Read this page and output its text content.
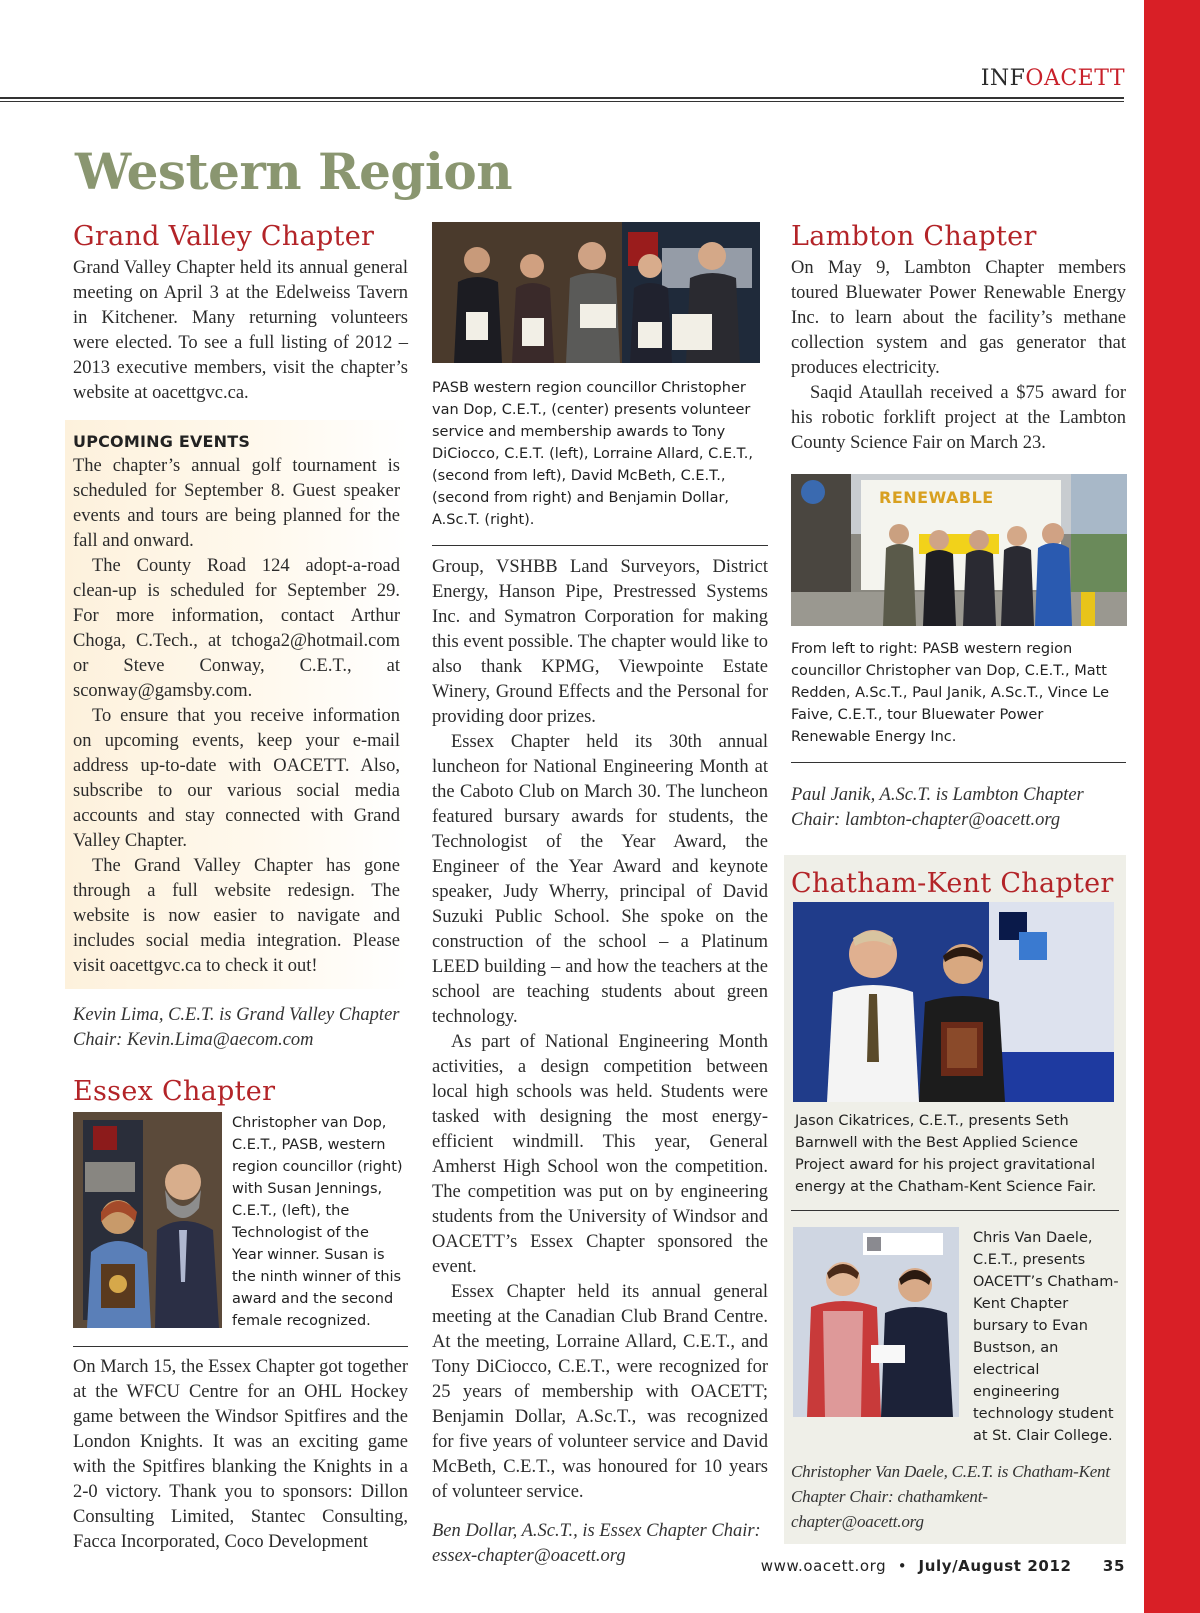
INFOACETT
Western Region
Grand Valley Chapter

Grand Valley Chapter held its annual general meeting on April 3 at the Edelweiss Tavern in Kitchener. Many returning volunteers were elected. To see a full listing of 2012 – 2013 executive members, visit the chapter’s website at oacettgvc.ca.

UPCOMING EVENTS

The chapter’s annual golf tournament is scheduled for September 8. Guest speaker events and tours are being planned for the fall and onward.

The County Road 124 adopt-a-road clean-up is scheduled for September 29. For more information, contact Arthur Choga, C.Tech., at tchoga2@hotmail.com or Steve Conway, C.E.T., at sconway@gamsby.com.

To ensure that you receive information on upcoming events, keep your e-mail address up-to-date with OACETT. Also, subscribe to our various social media accounts and stay connected with Grand Valley Chapter.

The Grand Valley Chapter has gone through a full website redesign. The website is now easier to navigate and includes social media integration. Please visit oacettgvc.ca to check it out!

Kevin Lima, C.E.T. is Grand Valley Chapter Chair: Kevin.Lima@aecom.com

Essex Chapter

Christopher van Dop, C.E.T., PASB, western region councillor (right) with Susan Jennings, C.E.T., (left), the Technologist of the Year winner. Susan is the ninth winner of this award and the second female recognized.

On March 15, the Essex Chapter got together at the WFCU Centre for an OHL Hockey game between the Windsor Spitfires and the London Knights. It was an exciting game with the Spitfires blanking the Knights in a 2-0 victory. Thank you to sponsors: Dillon Consulting Limited, Stantec Consulting, Facca Incorporated, Coco Development

PASB western region councillor Christopher van Dop, C.E.T., (center) presents volunteer service and membership awards to Tony DiCiocco, C.E.T. (left), Lorraine Allard, C.E.T., (second from left), David McBeth, C.E.T., (second from right) and Benjamin Dollar, A.Sc.T. (right).

Group, VSHBB Land Surveyors, District Energy, Hanson Pipe, Prestressed Systems Inc. and Symatron Corporation for making this event possible. The chapter would like to also thank KPMG, Viewpointe Estate Winery, Ground Effects and the Personal for providing door prizes.

Essex Chapter held its 30th annual luncheon for National Engineering Month at the Caboto Club on March 30. The luncheon featured bursary awards for students, the Technologist of the Year Award, the Engineer of the Year Award and keynote speaker, Judy Wherry, principal of David Suzuki Public School. She spoke on the construction of the school – a Platinum LEED building – and how the teachers at the school are teaching students about green technology.

As part of National Engineering Month activities, a design competition between local high schools was held. Students were tasked with designing the most energy-efficient windmill. This year, General Amherst High School won the competition. The competition was put on by engineering students from the University of Windsor and OACETT’s Essex Chapter sponsored the event.

Essex Chapter held its annual general meeting at the Canadian Club Brand Centre. At the meeting, Lorraine Allard, C.E.T., and Tony DiCiocco, C.E.T., were recognized for 25 years of membership with OACETT; Benjamin Dollar, A.Sc.T., was recognized for five years of volunteer service and David McBeth, C.E.T., was honoured for 10 years of volunteer service.

Ben Dollar, A.Sc.T., is Essex Chapter Chair: essex-chapter@oacett.org

Lambton Chapter

On May 9, Lambton Chapter members toured Bluewater Power Renewable Energy Inc. to learn about the facility’s methane collection system and gas generator that produces electricity.

Saqid Ataullah received a $75 award for his robotic forklift project at the Lambton County Science Fair on March 23.

RENEWABLE

From left to right: PASB western region councillor Christopher van Dop, C.E.T., Matt Redden, A.Sc.T., Paul Janik, A.Sc.T., Vince Le Faive, C.E.T., tour Bluewater Power Renewable Energy Inc.

Paul Janik, A.Sc.T. is Lambton Chapter Chair: lambton-chapter@oacett.org

Chatham-Kent Chapter

Jason Cikatrices, C.E.T., presents Seth Barnwell with the Best Applied Science Project award for his project gravitational energy at the Chatham-Kent Science Fair.

Chris Van Daele, C.E.T., presents OACETT’s Chatham-Kent Chapter bursary to Evan Bustson, an electrical engineering technology student at St. Clair College.

Christopher Van Daele, C.E.T. is Chatham-Kent Chapter Chair: chathamkent-chapter@oacett.org

www.oacett.org • July/August 2012 35
